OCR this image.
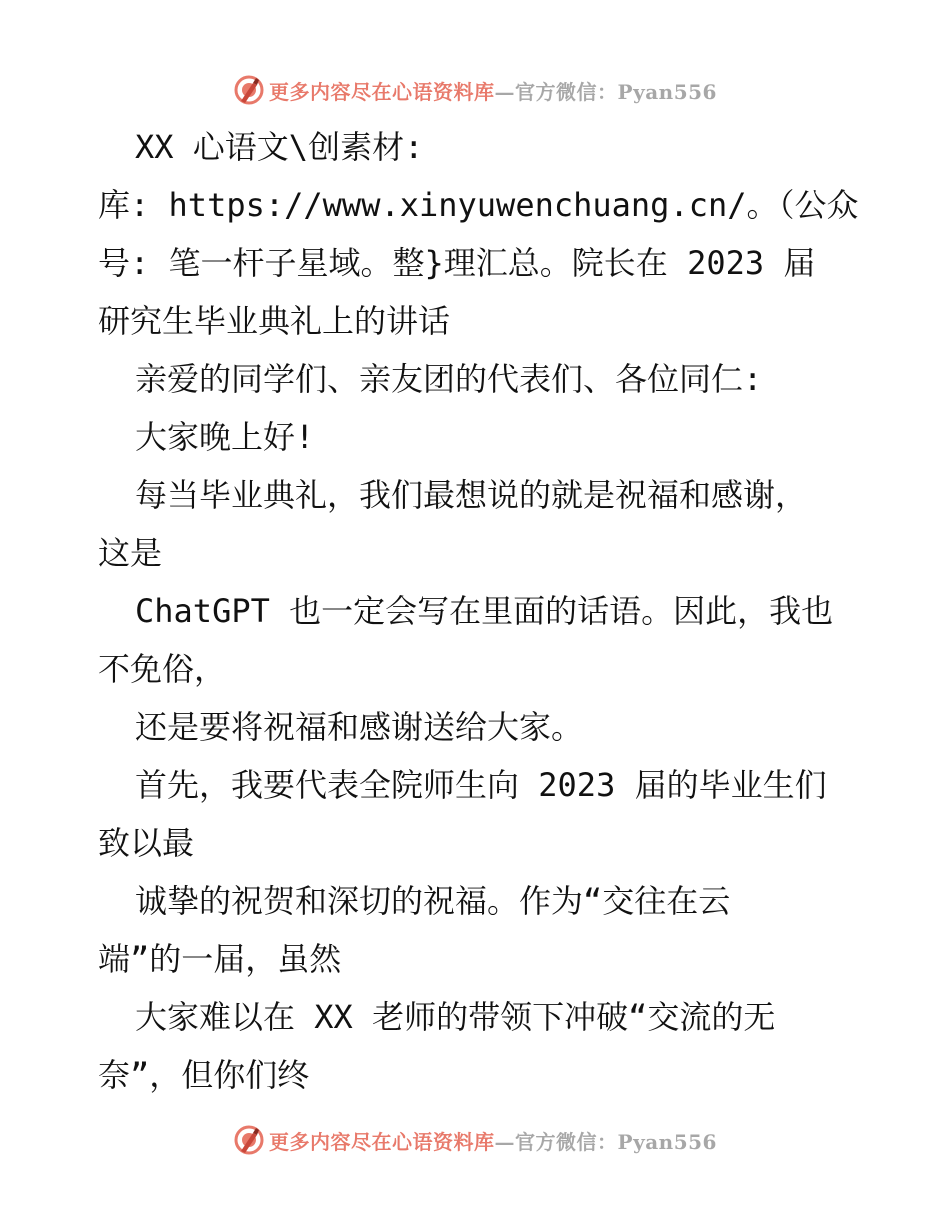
更多内容尽在心语资料库 —官方微信：Pyan556
XX 心语文\创素材:
库: https://www.xinyuwenchuang.cn/。（公众
号: 笔一杆子星域。整}理汇总。院长在 2023 届
研究生毕业典礼上的讲话
亲爱的同学们、亲友团的代表们、各位同仁:
大家晚上好!
每当毕业典礼，我们最想说的就是祝福和感谢，
这是
ChatGPT 也一定会写在里面的话语。因此，我也
不免俗，
还是要将祝福和感谢送给大家。
首先，我要代表全院师生向 2023 届的毕业生们
致以最
诚挚的祝贺和深切的祝福。作为“交往在云
端”的一届，虽然
大家难以在 XX 老师的带领下冲破“交流的无
奈”，但你们终
更多内容尽在心语资料库 —官方微信：Pyan556
